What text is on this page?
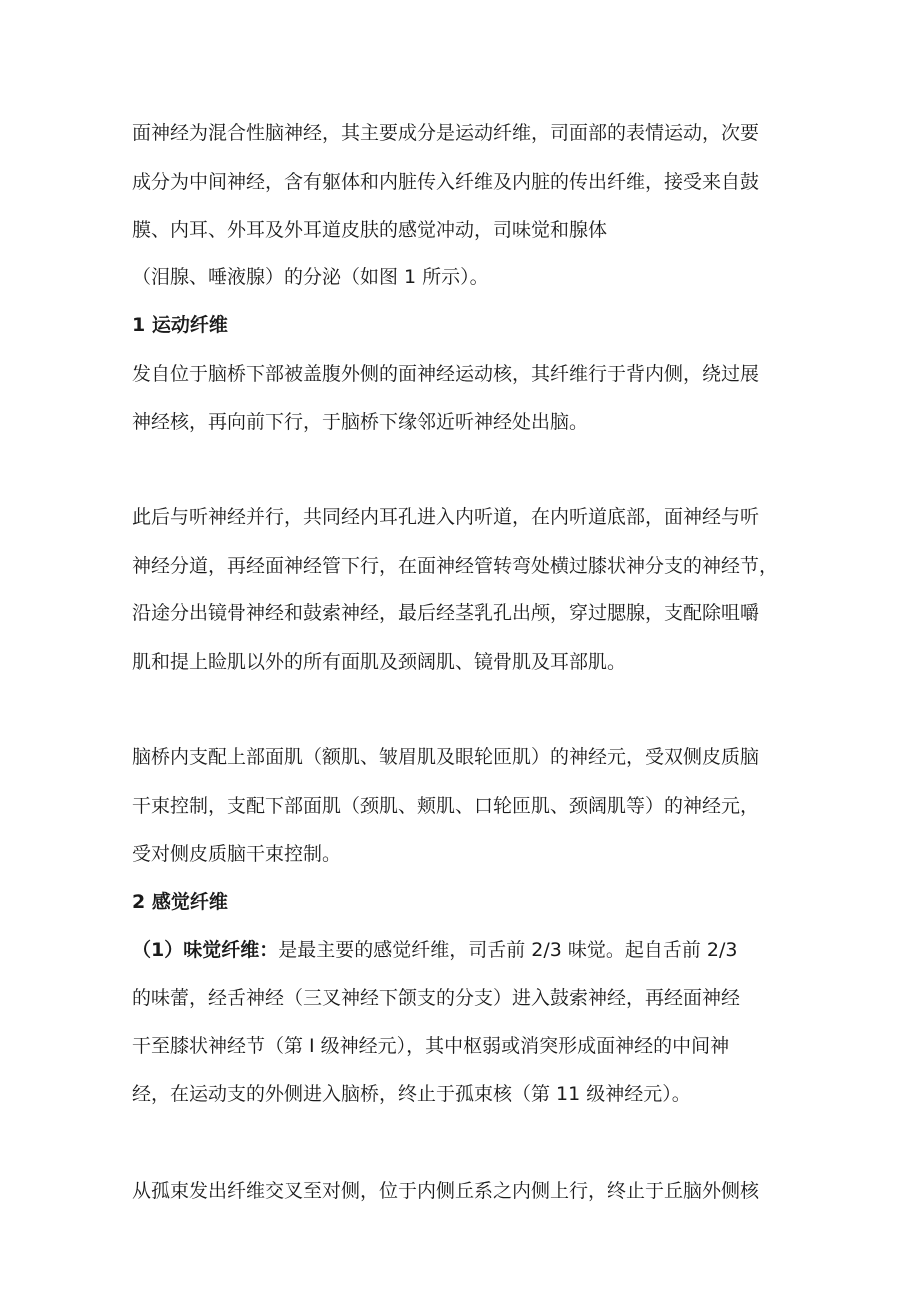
面神经为混合性脑神经，其主要成分是运动纤维，司面部的表情运动，次要
成分为中间神经，含有躯体和内脏传入纤维及内脏的传出纤维，接受来自鼓
膜、内耳、外耳及外耳道皮肤的感觉冲动，司味觉和腺体
（泪腺、唾液腺）的分泌（如图 1 所示）。
1 运动纤维
发自位于脑桥下部被盖腹外侧的面神经运动核，其纤维行于背内侧，绕过展
神经核，再向前下行，于脑桥下缘邻近听神经处出脑。
此后与听神经并行，共同经内耳孔进入内听道，在内听道底部，面神经与听
神经分道，再经面神经管下行，在面神经管转弯处横过膝状神分支的神经节，
沿途分出镜骨神经和鼓索神经，最后经茎乳孔出颅，穿过腮腺，支配除咀嚼
肌和提上睑肌以外的所有面肌及颈阔肌、镜骨肌及耳部肌。
脑桥内支配上部面肌（额肌、皱眉肌及眼轮匝肌）的神经元，受双侧皮质脑
干束控制，支配下部面肌（颈肌、颊肌、口轮匝肌、颈阔肌等）的神经元，
受对侧皮质脑干束控制。
2 感觉纤维
（1）味觉纤维：是最主要的感觉纤维，司舌前 2/3 味觉。起自舌前 2/3
的味蕾，经舌神经（三叉神经下颌支的分支）进入鼓索神经，再经面神经
干至膝状神经节（第 I 级神经元），其中枢弱或消突形成面神经的中间神
经，在运动支的外侧进入脑桥，终止于孤束核（第 11 级神经元）。
从孤束发出纤维交叉至对侧，位于内侧丘系之内侧上行，终止于丘脑外侧核
